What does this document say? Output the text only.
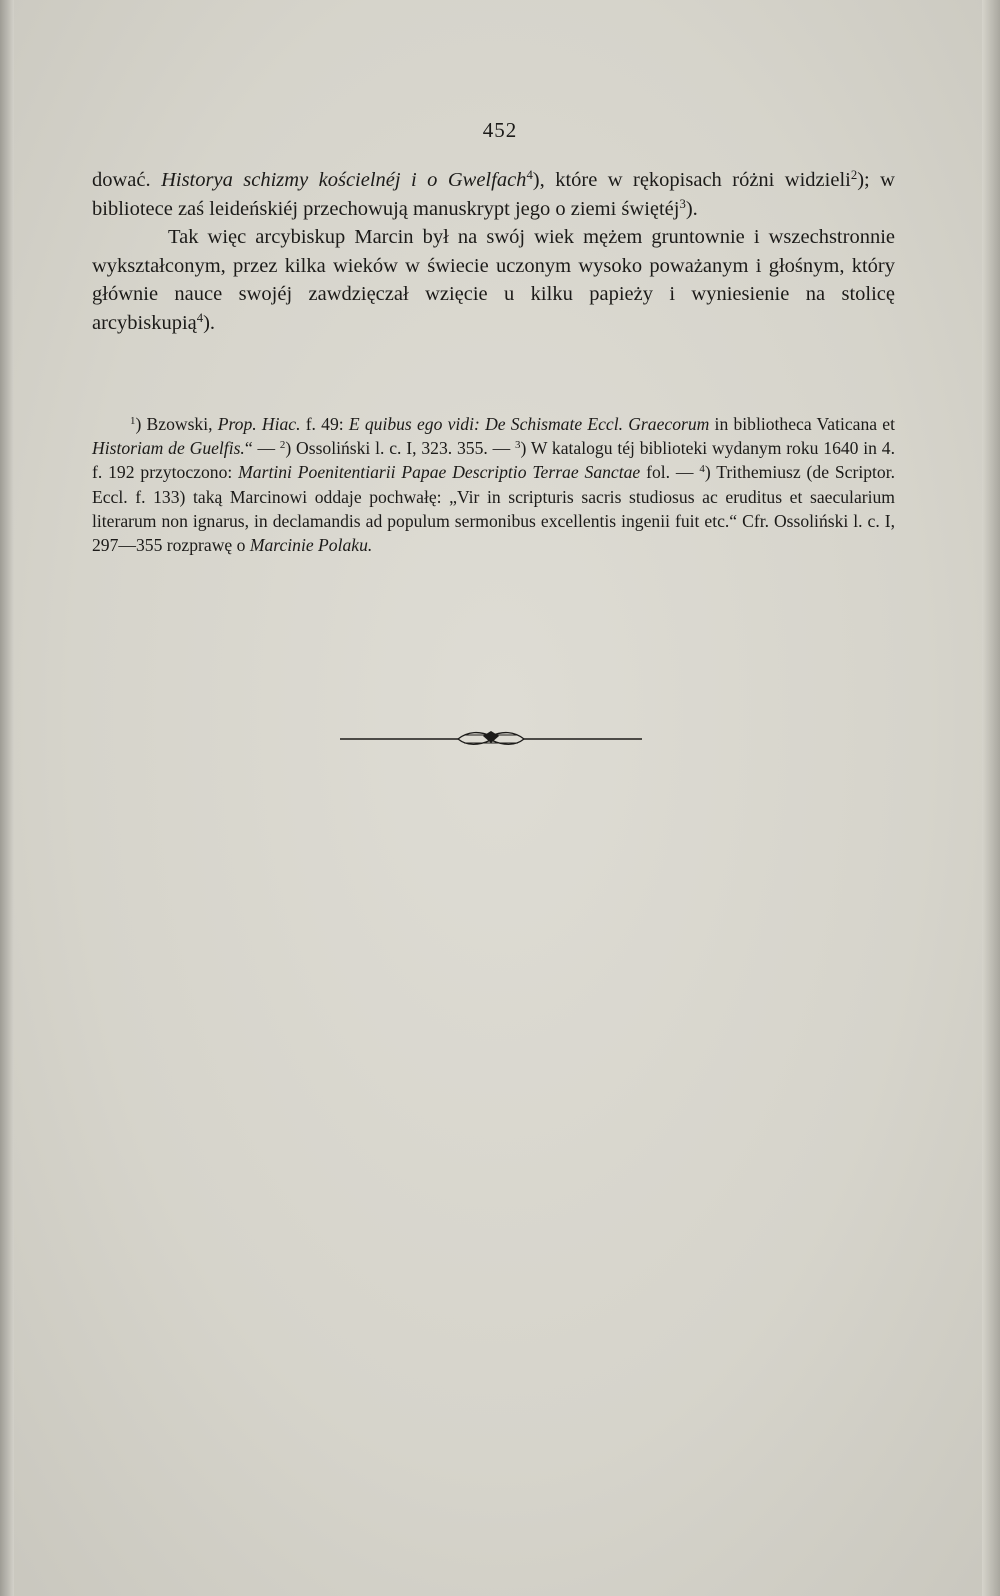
452

dować. Historya schizmy kościelnéj i o Gwelfach$^4$), które w rękopisach różni widzieli$^2$); w bibliotece zaś leideńskiéj przechowują manuskrypt jego o ziemi świętéj$^3$).

Tak więc arcybiskup Marcin był na swój wiek mężem gruntownie i wszechstronnie wykształconym, przez kilka wieków w świecie uczonym wysoko poważanym i głośnym, który głównie nauce swojéj zawdzięczał wzięcie u kilku papieży i wyniesienie na stolicę arcybiskupią$^4$).

$^1$) Bzowski, Prop. Hiac. f. 49: E quibus ego vidi: De Schismate Eccl. Graecorum in bibliotheca Vaticana et Historiam de Guelfis.“ — $^2$) Ossoliński l. c. I, 323. 355. — $^3$) W katalogu téj biblioteki wydanym roku 1640 in 4. f. 192 przytoczono: Martini Poenitentiarii Papae Descriptio Terrae Sanctae fol. — $^4$) Trithemiusz (de Scriptor. Eccl. f. 133) taką Marcinowi oddaje pochwałę: „Vir in scripturis sacris studiosus ac eruditus et saecularium literarum non ignarus, in declamandis ad populum sermonibus excellentis ingenii fuit etc.“ Cfr. Ossoliński l. c. I, 297—355 rozprawę o Marcinie Polaku.
